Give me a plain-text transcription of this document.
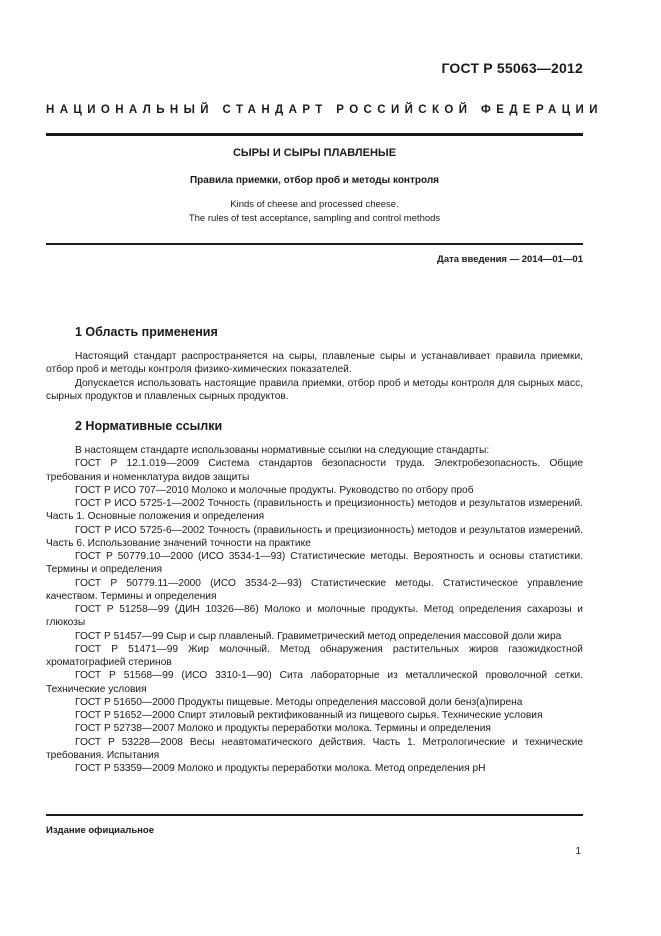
ГОСТ Р 55063—2012
НАЦИОНАЛЬНЫЙ СТАНДАРТ РОССИЙСКОЙ ФЕДЕРАЦИИ
СЫРЫ И СЫРЫ ПЛАВЛЕНЫЕ
Правила приемки, отбор проб и методы контроля
Kinds of cheese and processed cheese.
The rules of test acceptance, sampling and control methods
Дата введения — 2014—01—01
1 Область применения

Настоящий стандарт распространяется на сыры, плавленые сыры и устанавливает правила приемки, отбор проб и методы контроля физико-химических показателей.

Допускается использовать настоящие правила приемки, отбор проб и методы контроля для сырных масс, сырных продуктов и плавленых сырных продуктов.

2 Нормативные ссылки

В настоящем стандарте использованы нормативные ссылки на следующие стандарты:

ГОСТ Р 12.1.019—2009 Система стандартов безопасности труда. Электробезопасность. Общие требования и номенклатура видов защиты

ГОСТ Р ИСО 707—2010 Молоко и молочные продукты. Руководство по отбору проб

ГОСТ Р ИСО 5725-1—2002 Точность (правильность и прецизионность) методов и результатов измерений. Часть 1. Основные положения и определения

ГОСТ Р ИСО 5725-6—2002 Точность (правильность и прецизионность) методов и результатов измерений. Часть 6. Использование значений точности на практике

ГОСТ Р 50779.10—2000 (ИСО 3534-1—93) Статистические методы. Вероятность и основы статистики. Термины и определения

ГОСТ Р 50779.11—2000 (ИСО 3534-2—93) Статистические методы. Статистическое управление качеством. Термины и определения

ГОСТ Р 51258—99 (ДИН 10326—86) Молоко и молочные продукты. Метод определения сахарозы и глюкозы

ГОСТ Р 51457—99 Сыр и сыр плавленый. Гравиметрический метод определения массовой доли жира

ГОСТ Р 51471—99 Жир молочный. Метод обнаружения растительных жиров газожидкостной хроматографией стеринов

ГОСТ Р 51568—99 (ИСО 3310-1—90) Сита лабораторные из металлической проволочной сетки. Технические условия

ГОСТ Р 51650—2000 Продукты пищевые. Методы определения массовой доли бенз(а)пирена

ГОСТ Р 51652—2000 Спирт этиловый ректификованный из пищевого сырья. Технические условия

ГОСТ Р 52738—2007 Молоко и продукты переработки молока. Термины и определения

ГОСТ Р 53228—2008 Весы неавтоматического действия. Часть 1. Метрологические и технические требования. Испытания

ГОСТ Р 53359—2009 Молоко и продукты переработки молока. Метод определения рН

Издание официальное
1
